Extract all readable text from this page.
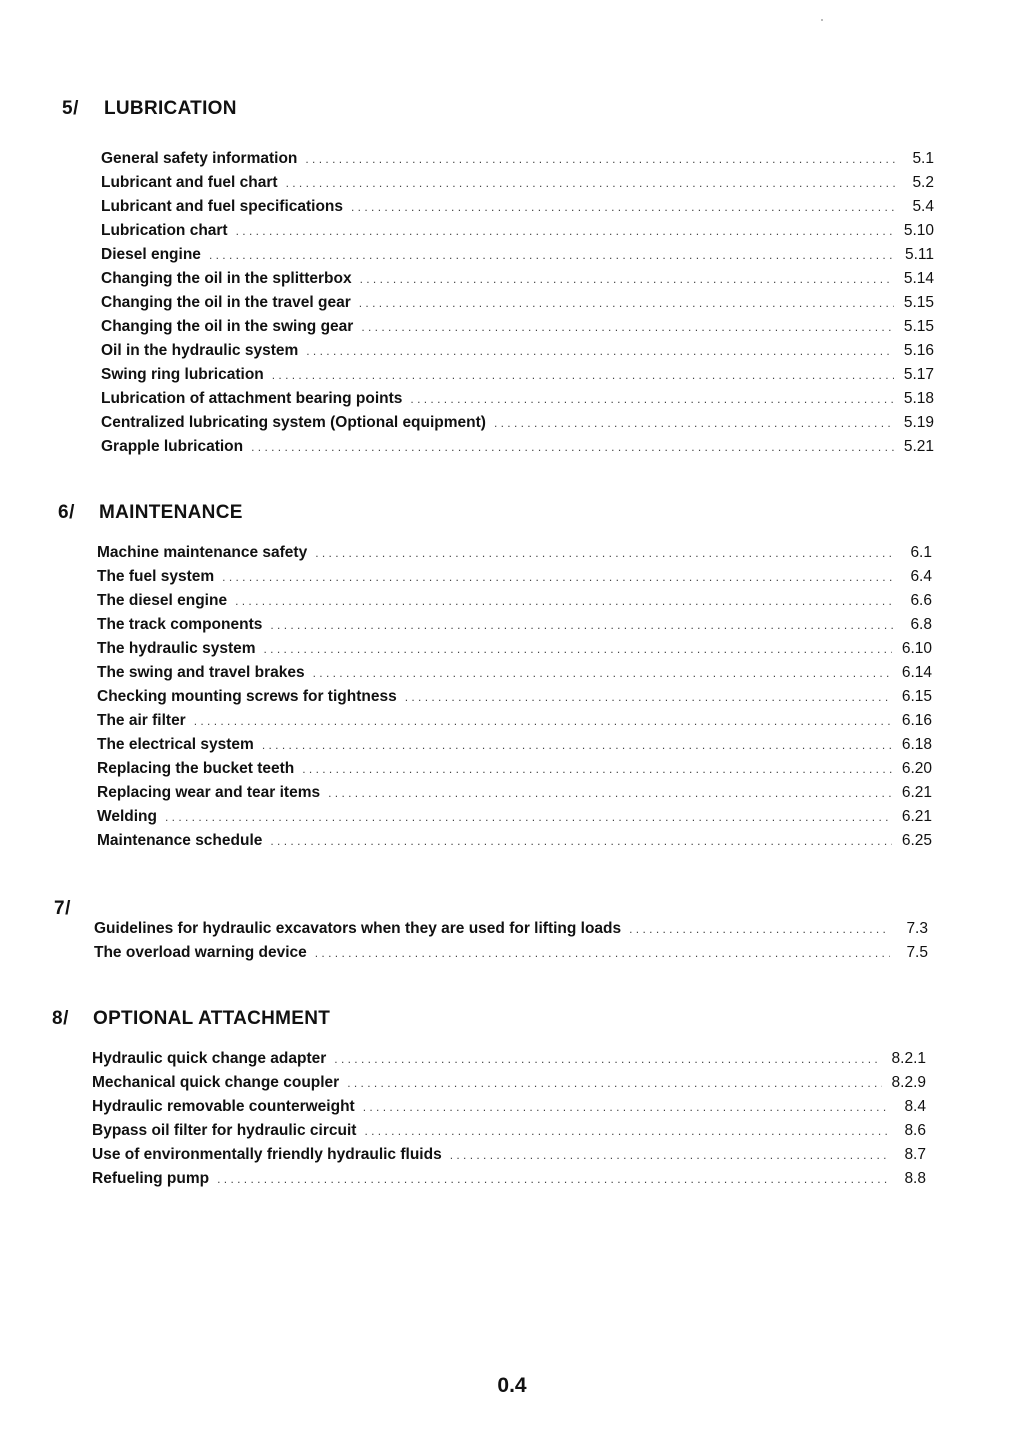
5/ LUBRICATION
General safety information . . .	5.1
Lubricant and fuel chart . . .	5.2
Lubricant and fuel specifications . . .	5.4
Lubrication chart . . .	5.10
Diesel engine . . .	5.11
Changing the oil in the splitterbox . . .	5.14
Changing the oil in the travel gear . . .	5.15
Changing the oil in the swing gear . . .	5.15
Oil in the hydraulic system . . .	5.16
Swing ring lubrication . . .	5.17
Lubrication of attachment bearing points . . .	5.18
Centralized lubricating system (Optional equipment) . . .	5.19
Grapple lubrication . . .	5.21
6/ MAINTENANCE
Machine maintenance safety . . .	6.1
The fuel system . . .	6.4
The diesel engine . . .	6.6
The track components . . .	6.8
The hydraulic system . . .	6.10
The swing and travel brakes . . .	6.14
Checking mounting screws for tightness . . .	6.15
The air filter . . .	6.16
The electrical system . . .	6.18
Replacing the bucket teeth . . .	6.20
Replacing wear and tear items . . .	6.21
Welding . . .	6.21
Maintenance schedule . . .	6.25
7/
Guidelines for hydraulic excavators when they are used for lifting loads . . .	7.3
The overload warning device . . .	7.5
8/ OPTIONAL ATTACHMENT
Hydraulic quick change adapter . . .	8.2.1
Mechanical quick change coupler . . .	8.2.9
Hydraulic removable counterweight . . .	8.4
Bypass oil filter for hydraulic circuit . . .	8.6
Use of environmentally friendly hydraulic fluids . . .	8.7
Refueling pump . . .	8.8
0.4
